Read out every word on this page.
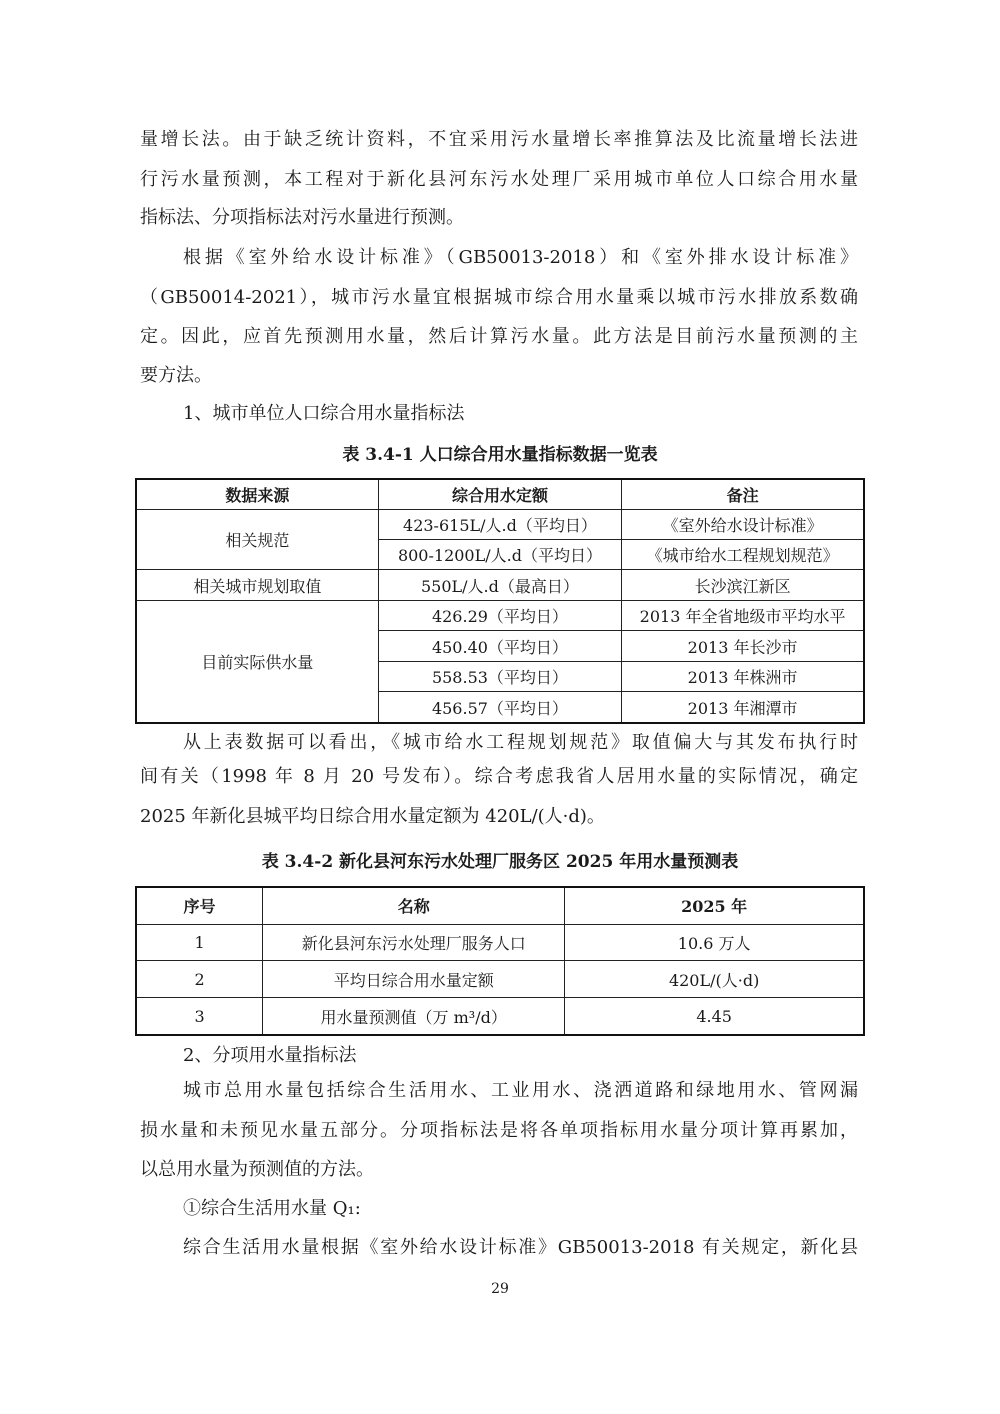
量增长法。由于缺乏统计资料，不宜采用污水量增长率推算法及比流量增长法进
行污水量预测，本工程对于新化县河东污水处理厂采用城市单位人口综合用水量
指标法、分项指标法对污水量进行预测。
根据《室外给水设计标准》（GB50013-2018）和《室外排水设计标准》
（GB50014-2021），城市污水量宜根据城市综合用水量乘以城市污水排放系数确
定。因此，应首先预测用水量，然后计算污水量。此方法是目前污水量预测的主
要方法。
1、城市单位人口综合用水量指标法
表 3.4-1 人口综合用水量指标数据一览表
数据来源	综合用水定额	备注
相关规范	423-615L/人.d（平均日）	《室外给水设计标准》
	800-1200L/人.d（平均日）	《城市给水工程规划规范》
相关城市规划取值	550L/人.d（最高日）	长沙滨江新区
目前实际供水量	426.29（平均日）	2013 年全省地级市平均水平
	450.40（平均日）	2013 年长沙市
	558.53（平均日）	2013 年株洲市
	456.57（平均日）	2013 年湘潭市
从上表数据可以看出，《城市给水工程规划规范》取值偏大与其发布执行时
间有关（1998 年 8 月 20 号发布）。综合考虑我省人居用水量的实际情况，确定
2025 年新化县城平均日综合用水量定额为 420L/(人·d)。
表 3.4-2 新化县河东污水处理厂服务区 2025 年用水量预测表
序号	名称	2025 年
1	新化县河东污水处理厂服务人口	10.6 万人
2	平均日综合用水量定额	420L/(人·d)
3	用水量预测值（万 m³/d）	4.45
2、分项用水量指标法
城市总用水量包括综合生活用水、工业用水、浇洒道路和绿地用水、管网漏
损水量和未预见水量五部分。分项指标法是将各单项指标用水量分项计算再累加，
以总用水量为预测值的方法。
①综合生活用水量 Q₁:
综合生活用水量根据《室外给水设计标准》GB50013-2018 有关规定，新化县
29
